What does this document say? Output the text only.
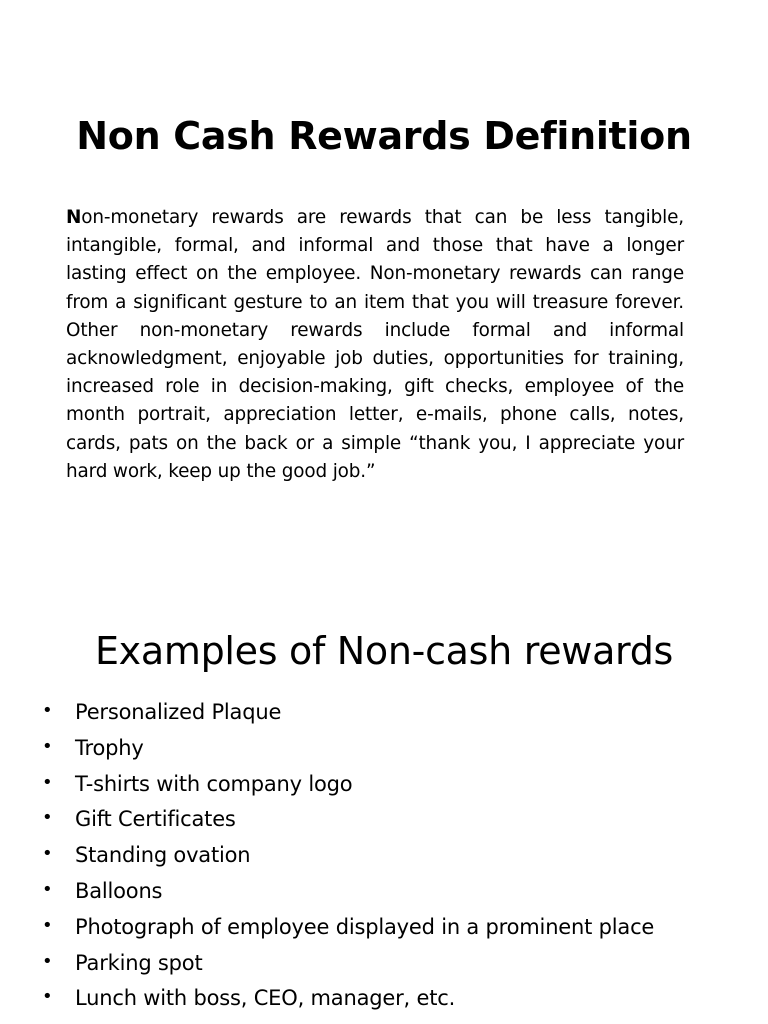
Non Cash Rewards Definition

Non-monetary rewards are rewards that can be less tangible, intangible, formal, and informal and those that have a longer lasting effect on the employee. Non-monetary rewards can range from a significant gesture to an item that you will treasure forever. Other non-monetary rewards include formal and informal acknowledgment, enjoyable job duties, opportunities for training, increased role in decision-making, gift checks, employee of the month portrait, appreciation letter, e-mails, phone calls, notes, cards, pats on the back or a simple “thank you, I appreciate your hard work, keep up the good job.”

Examples of Non-cash rewards
• Personalized Plaque
• Trophy
• T-shirts with company logo
• Gift Certificates
• Standing ovation
• Balloons
• Photograph of employee displayed in a prominent place
• Parking spot
• Lunch with boss, CEO, manager, etc.
